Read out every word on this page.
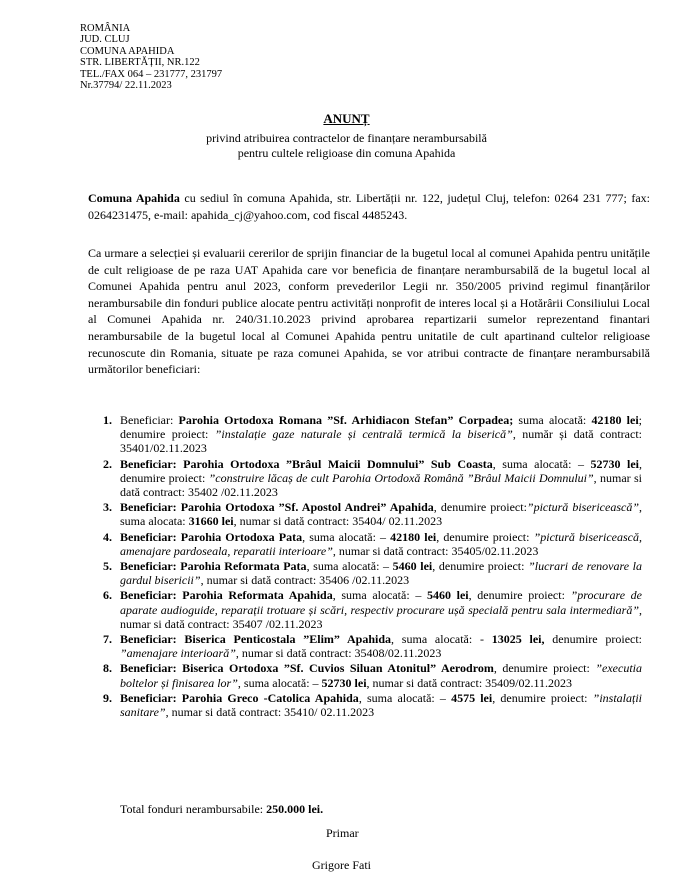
ROMÂNIA
JUD. CLUJ
COMUNA APAHIDA
STR. LIBERTĂȚII, NR.122
TEL./FAX 064 – 231777, 231797
Nr.37794/ 22.11.2023
ANUNȚ
privind atribuirea contractelor de finanțare nerambursabilă
pentru cultele religioase din comuna Apahida
Comuna Apahida cu sediul în comuna Apahida, str. Libertății nr. 122, județul Cluj, telefon: 0264 231 777; fax: 0264231475, e-mail: apahida_cj@yahoo.com, cod fiscal 4485243.
Ca urmare a selecției și evaluarii cererilor de sprijin financiar de la bugetul local al comunei Apahida pentru unitățile de cult religioase de pe raza UAT Apahida care vor beneficia de finanțare nerambursabilă de la bugetul local al Comunei Apahida pentru anul 2023, conform prevederilor Legii nr. 350/2005 privind regimul finanțărilor nerambursabile din fonduri publice alocate pentru activități nonprofit de interes local și a Hotărârii Consiliului Local al Comunei Apahida nr. 240/31.10.2023 privind aprobarea repartizarii sumelor reprezentand finantari nerambursabile de la bugetul local al Comunei Apahida pentru unitatile de cult apartinand cultelor religioase recunoscute din Romania, situate pe raza comunei Apahida, se vor atribui contracte de finanțare nerambursabilă următorilor beneficiari:
1. Beneficiar: Parohia Ortodoxa Romana ”Sf. Arhidiacon Stefan” Corpadea; suma alocată: 42180 lei; denumire proiect: ”instalație gaze naturale și centrală termică la biserică”, număr și dată contract: 35401/02.11.2023
2. Beneficiar: Parohia Ortodoxa ”Brâul Maicii Domnului” Sub Coasta, suma alocată: – 52730 lei, denumire proiect: ”construire lăcaș de cult Parohia Ortodoxă Română ”Brâul Maicii Domnului”, numar si dată contract: 35402 /02.11.2023
3. Beneficiar: Parohia Ortodoxa ”Sf. Apostol Andrei” Apahida, denumire proiect:”pictură bisericească”, suma alocata: 31660 lei, numar si dată contract: 35404/ 02.11.2023
4. Beneficiar: Parohia Ortodoxa Pata, suma alocată: – 42180 lei, denumire proiect: ”pictură bisericească, amenajare pardoseala, reparatii interioare”, numar si dată contract: 35405/02.11.2023
5. Beneficiar: Parohia Reformata Pata, suma alocată: – 5460 lei, denumire proiect: ”lucrari de renovare la gardul bisericii”, numar si dată contract: 35406 /02.11.2023
6. Beneficiar: Parohia Reformata Apahida, suma alocată: – 5460 lei, denumire proiect: ”procurare de aparate audioguide, reparații trotuare și scări, respectiv procurare ușă specială pentru sala intermediară”, numar si dată contract: 35407 /02.11.2023
7. Beneficiar: Biserica Penticostala ”Elim” Apahida, suma alocată: - 13025 lei, denumire proiect: ”amenajare interioară”, numar si dată contract: 35408/02.11.2023
8. Beneficiar: Biserica Ortodoxa ”Sf. Cuvios Siluan Atonitul” Aerodrom, denumire proiect: ”executia boltelor și finisarea lor”, suma alocată: – 52730 lei, numar si dată contract: 35409/02.11.2023
9. Beneficiar: Parohia Greco -Catolica Apahida, suma alocată: – 4575 lei, denumire proiect: ”instalații sanitare”, numar si dată contract: 35410/ 02.11.2023
Total fonduri nerambursabile: 250.000 lei.
Primar
Grigore Fati
